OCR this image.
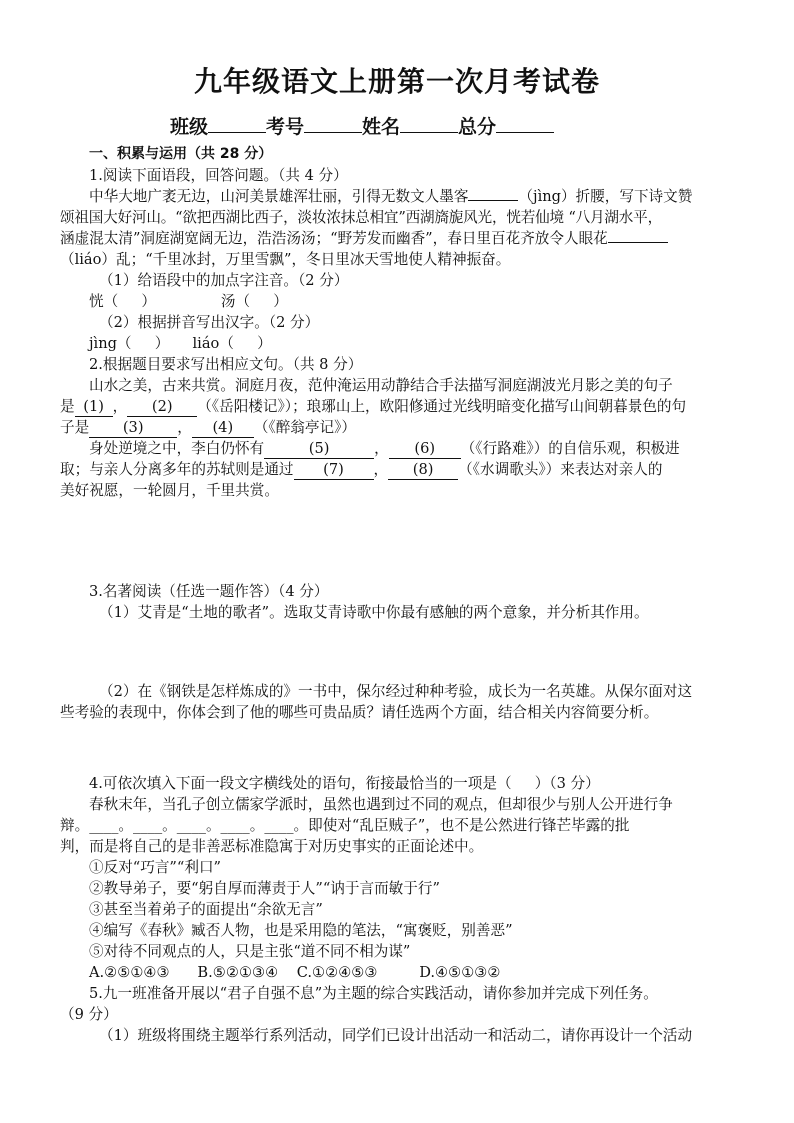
九年级语文上册第一次月考试卷
班级	考号	姓名	总分
一、积累与运用（共 28 分）
1.阅读下面语段，回答问题。（共 4 分）
中华大地广袤无边，山河美景雄浑壮丽，引得无数文人墨客	（jìng）折腰，写下诗文赞
颂祖国大好河山。“欲把西湖比西子，淡妆浓抹总相宜”西湖旖旎风光，恍若仙境 “八月湖水平，
涵虚混太清”洞庭湖宽阔无边，浩浩汤汤；“野芳发而幽香”，春日里百花齐放令人眼花
（liáo）乱；“千里冰封，万里雪飘”，冬日里冰天雪地使人精神振奋。
（1）给语段中的加点字注音。（2 分）
恍（     ）              汤（     ）
（2）根据拼音写出汉字。（2 分）
jìng（     ）     liáo（     ）
2.根据题目要求写出相应文句。（共 8 分）
山水之美，古来共赏。洞庭月夜，范仲淹运用动静结合手法描写洞庭湖波光月影之美的句子
是 (1) ， (2) （《岳阳楼记》）；琅琊山上，欧阳修通过光线明暗变化描写山间朝暮景色的句
子是 (3) ， (4) （《醉翁亭记》）
身处逆境之中，李白仍怀有	(5)	， (6) （《行路难》）的自信乐观，积极进
取；与亲人分离多年的苏轼则是通过 (7) ， (8) （《水调歌头》）来表达对亲人的
美好祝愿，一轮圆月，千里共赏。
3.名著阅读（任选一题作答）（4 分）
（1）艾青是“土地的歌者”。选取艾青诗歌中你最有感触的两个意象，并分析其作用。
（2）在《钢铁是怎样炼成的》一书中，保尔经过种种考验，成长为一名英雄。从保尔面对这
些考验的表现中，你体会到了他的哪些可贵品质？请任选两个方面，结合相关内容简要分析。
4.可依次填入下面一段文字横线处的语句，衔接最恰当的一项是（     ）（3 分）
春秋末年，当孔子创立儒家学派时，虽然也遇到过不同的观点，但却很少与别人公开进行争
辩。____。____。____。____。____。即使对“乱臣贼子”，也不是公然进行锋芒毕露的批
判，而是将自己的是非善恶标准隐寓于对历史事实的正面论述中。
①反对“巧言”“利口”
②教导弟子，要“躬自厚而薄责于人”“讷于言而敏于行”
③甚至当着弟子的面提出“余欲无言”
④编写《春秋》臧否人物，也是采用隐的笔法，“寓褒贬，别善恶”
⑤对待不同观点的人，只是主张“道不同不相为谋”
A.②⑤①④③      B.⑤②①③④    C.①②④⑤③         D.④⑤①③②
5.九一班准备开展以“君子自强不息”为主题的综合实践活动，请你参加并完成下列任务。
（9 分）
（1）班级将围绕主题举行系列活动，同学们已设计出活动一和活动二，请你再设计一个活动
